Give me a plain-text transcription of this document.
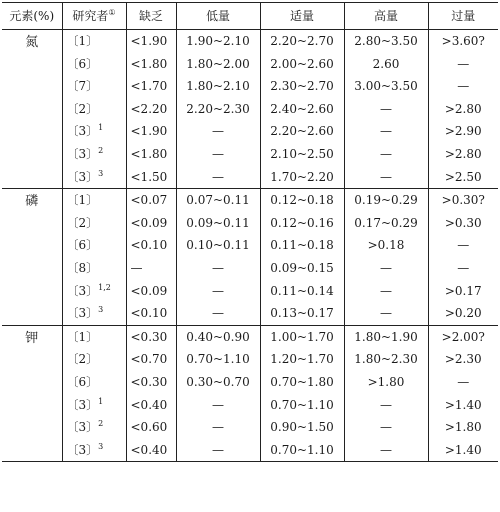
元素(%)	研究者①	缺乏	低量	适量	高量	过量
氮	〔1〕	<1.90	1.90~2.10	2.20~2.70	2.80~3.50	>3.60?
	〔6〕	<1.80	1.80~2.00	2.00~2.60	2.60	—
	〔7〕	<1.70	1.80~2.10	2.30~2.70	3.00~3.50	—
	〔2〕	<2.20	2.20~2.30	2.40~2.60	—	>2.80
	〔3〕$^1$	<1.90	—	2.20~2.60	—	>2.90
	〔3〕$^2$	<1.80	—	2.10~2.50	—	>2.80
	〔3〕$^3$	<1.50	—	1.70~2.20	—	>2.50
磷	〔1〕	<0.07	0.07~0.11	0.12~0.18	0.19~0.29	>0.30?
	〔2〕	<0.09	0.09~0.11	0.12~0.16	0.17~0.29	>0.30
	〔6〕	<0.10	0.10~0.11	0.11~0.18	>0.18	—
	〔8〕	—	—	0.09~0.15	—	—
	〔3〕$^{1,2}$	<0.09	—	0.11~0.14	—	>0.17
	〔3〕$^3$	<0.10	—	0.13~0.17	—	>0.20
钾	〔1〕	<0.30	0.40~0.90	1.00~1.70	1.80~1.90	>2.00?
	〔2〕	<0.70	0.70~1.10	1.20~1.70	1.80~2.30	>2.30
	〔6〕	<0.30	0.30~0.70	0.70~1.80	>1.80	—
	〔3〕$^1$	<0.40	—	0.70~1.10	—	>1.40
	〔3〕$^2$	<0.60	—	0.90~1.50	—	>1.80
	〔3〕$^3$	<0.40	—	0.70~1.10	—	>1.40
